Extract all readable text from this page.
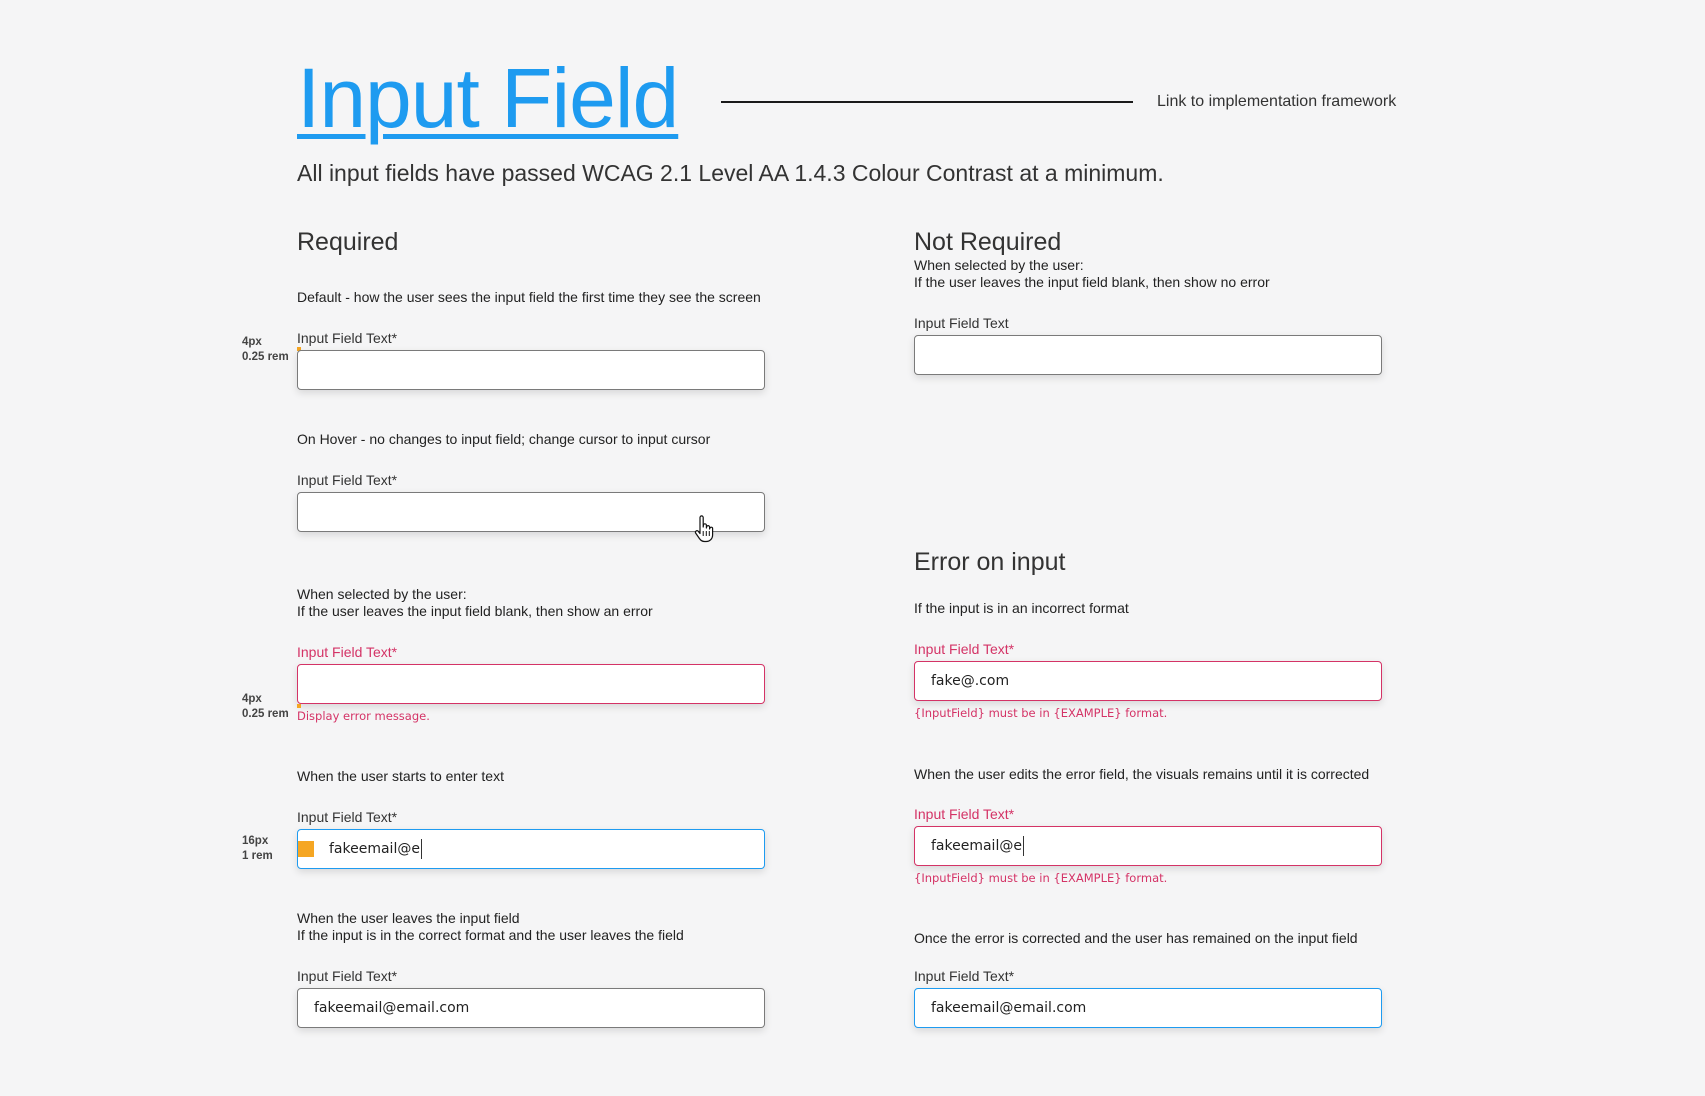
Input Field	Link to implementation framework
All input fields have passed WCAG 2.1 Level AA 1.4.3 Colour Contrast at a minimum.
Required
Default - how the user sees the input field the first time they see the screen
4px
0.25 rem
Input Field Text*
On Hover - no changes to input field; change cursor to input cursor
Input Field Text*
When selected by the user:
If the user leaves the input field blank, then show an error
Input Field Text*
4px
0.25 rem Display error message.
When the user starts to enter text
16px
1 rem
Input Field Text*
fakeemail@e
When the user leaves the input field
If the input is in the correct format and the user leaves the field
Input Field Text*
fakeemail@email.com
Not Required
When selected by the user:
If the user leaves the input field blank, then show no error
Input Field Text
Error on input
If the input is in an incorrect format
Input Field Text*
fake@.com
{InputField} must be in {EXAMPLE} format.
When the user edits the error field, the visuals remains until it is corrected
Input Field Text*
fakeemail@e
{InputField} must be in {EXAMPLE} format.
Once the error is corrected and the user has remained on the input field
Input Field Text*
fakeemail@email.com
